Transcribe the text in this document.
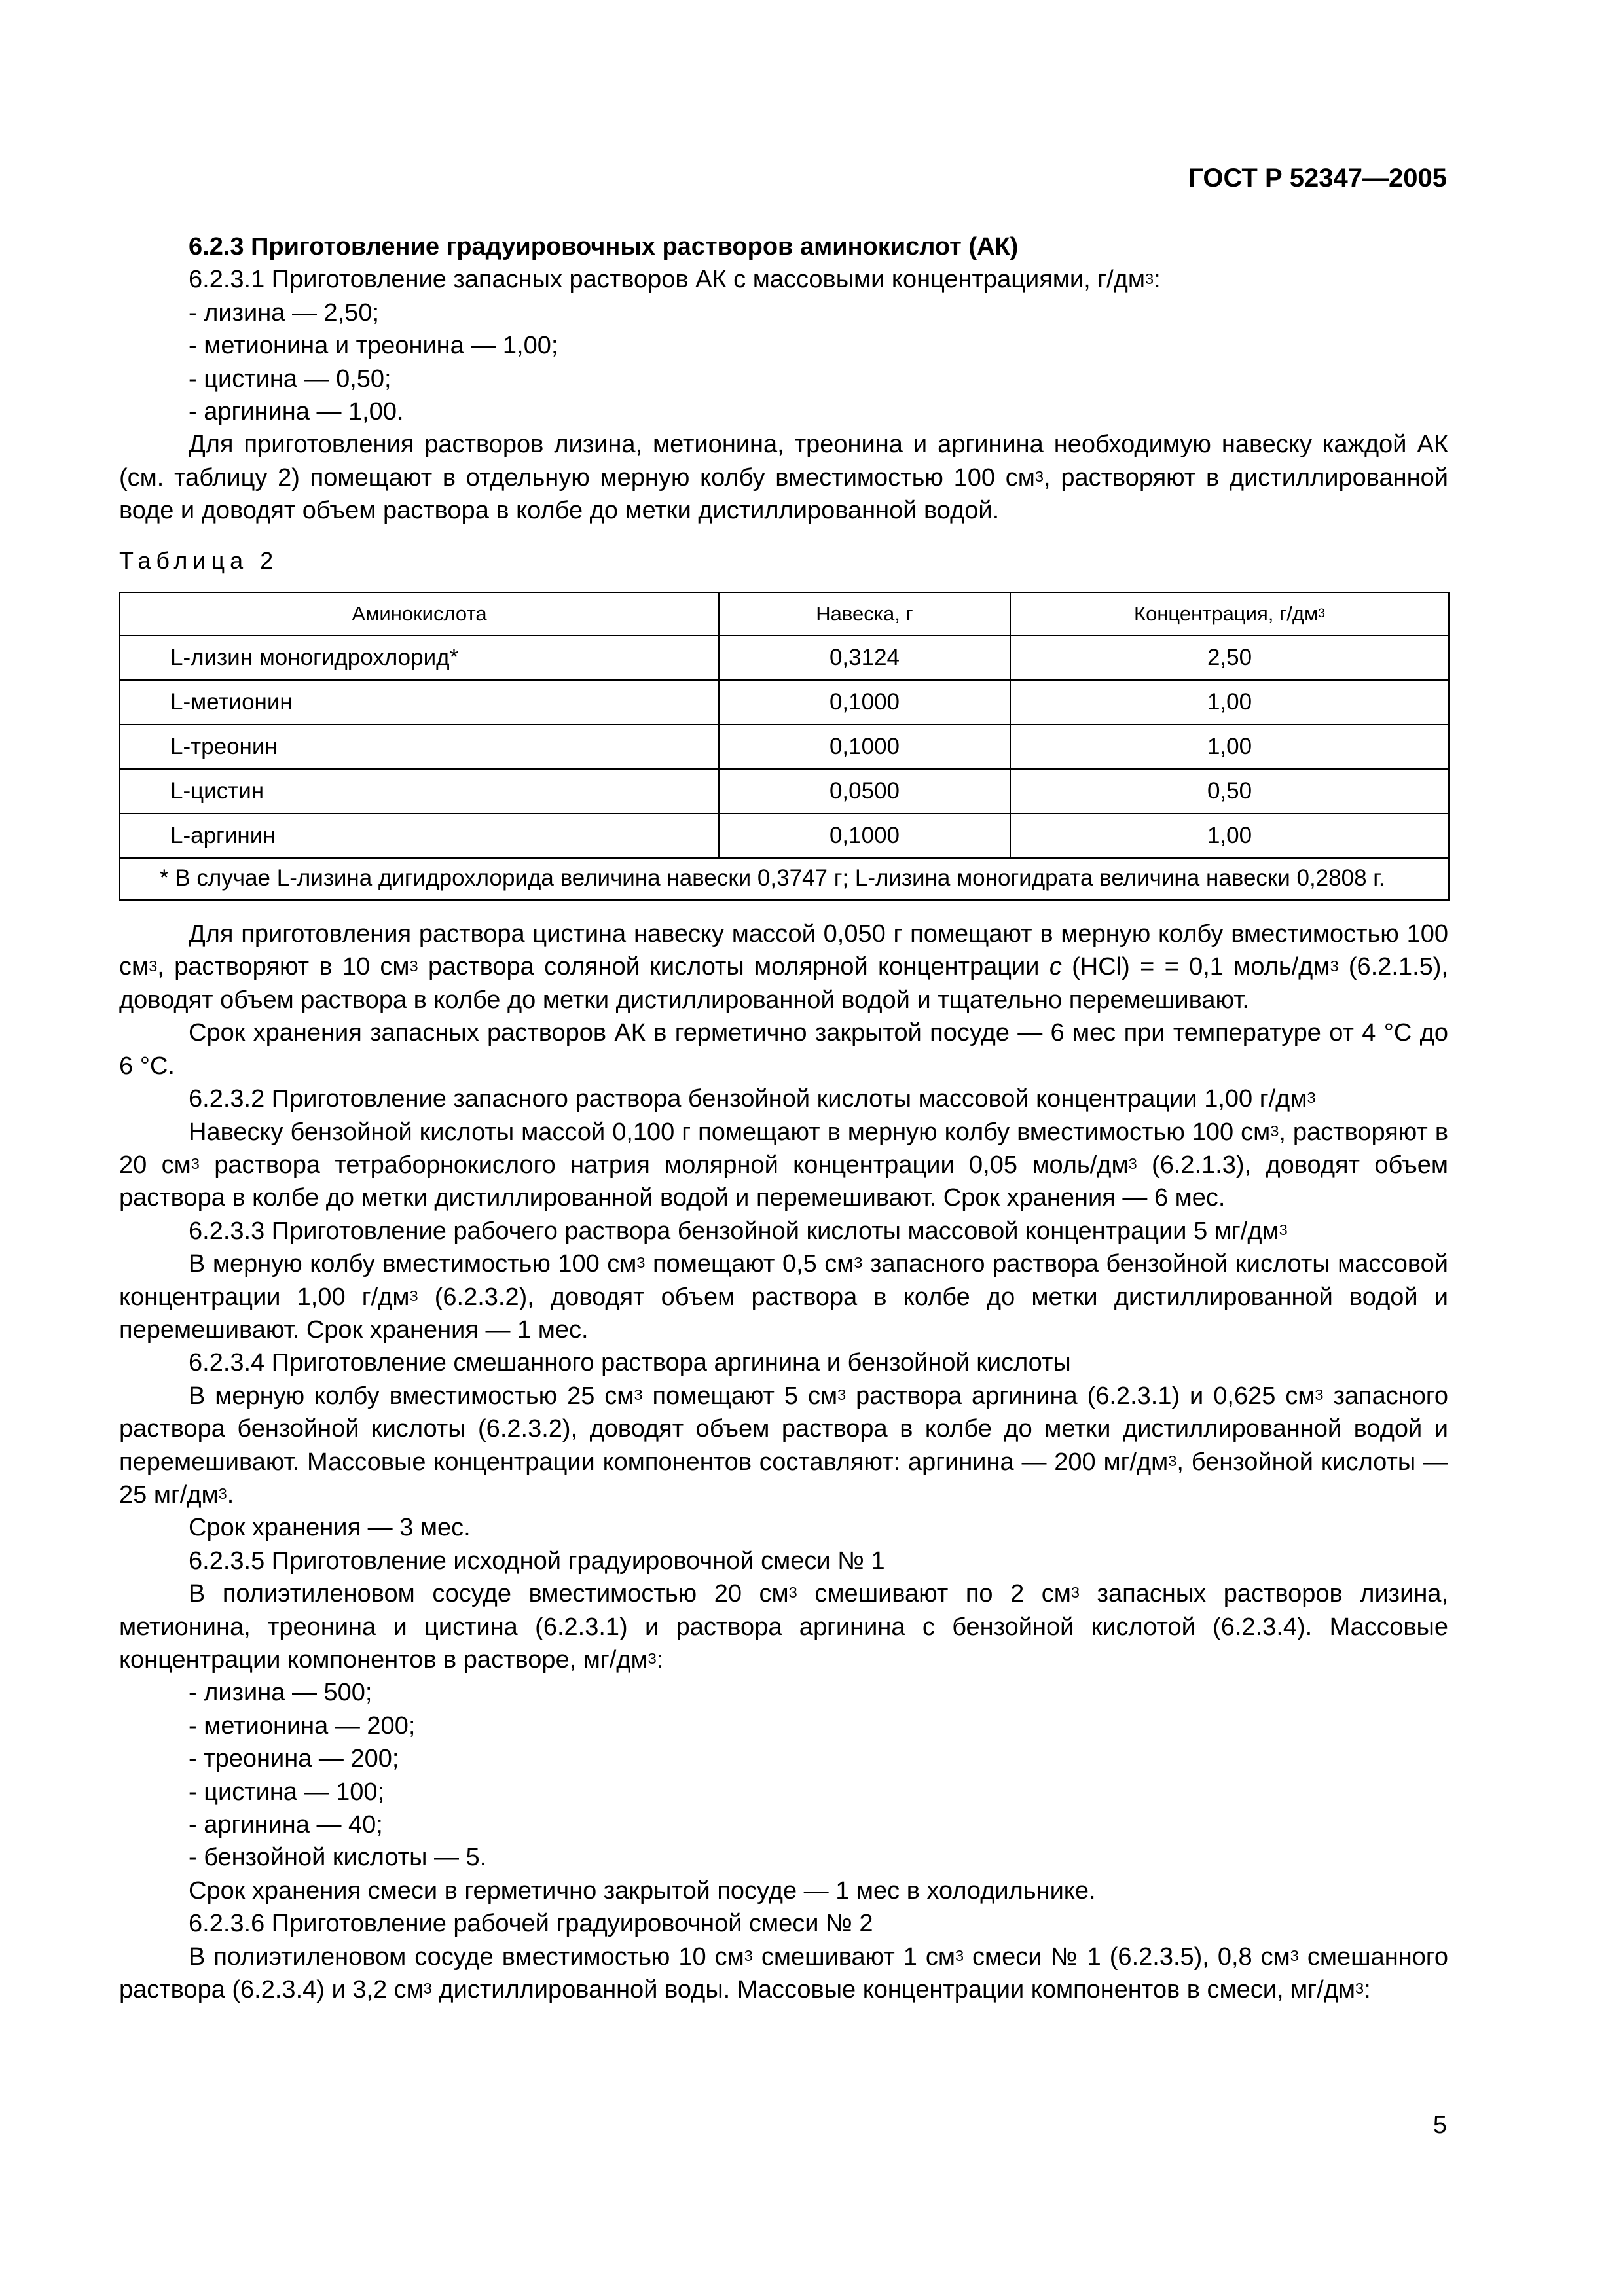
ГОСТ Р 52347—2005

6.2.3 Приготовление градуировочных растворов аминокислот (АК)

6.2.3.1 Приготовление запасных растворов АК с массовыми концентрациями, $г/дм^3$:

- лизина — 2,50;
- метионина и треонина — 1,00;
- цистина — 0,50;
- аргинина — 1,00.

Для приготовления растворов лизина, метионина, треонина и аргинина необходимую навеску каждой АК (см. таблицу 2) помещают в отдельную мерную колбу вместимостью 100 $см^3$, растворяют в дистиллированной воде и доводят объем раствора в колбе до метки дистиллированной водой.

Таблица 2

Аминокислота	Навеска, г	Концентрация, $г/дм^3$
L-лизин моногидрохлорид*	0,3124	2,50
L-метионин	0,1000	1,00
L-треонин	0,1000	1,00
L-цистин	0,0500	0,50
L-аргинин	0,1000	1,00

* В случае L-лизина дигидрохлорида величина навески 0,3747 г; L-лизина моногидрата величина навески 0,2808 г.		

Для приготовления раствора цистина навеску массой 0,050 г помещают в мерную колбу вместимостью 100 $см^3$, растворяют в 10 $см^3$ раствора соляной кислоты молярной концентрации c (HCl) = = 0,1 моль/$дм^3$ (6.2.1.5), доводят объем раствора в колбе до метки дистиллированной водой и тщательно перемешивают.

Срок хранения запасных растворов АК в герметично закрытой посуде — 6 мес при температуре от 4 °С до 6 °С.

6.2.3.2 Приготовление запасного раствора бензойной кислоты массовой концентрации 1,00 $г/дм^3$

Навеску бензойной кислоты массой 0,100 г помещают в мерную колбу вместимостью 100 $см^3$, растворяют в 20 $см^3$ раствора тетраборнокислого натрия молярной концентрации 0,05 моль/$дм^3$ (6.2.1.3), доводят объем раствора в колбе до метки дистиллированной водой и перемешивают. Срок хранения — 6 мес.

6.2.3.3 Приготовление рабочего раствора бензойной кислоты массовой концентрации 5 $мг/дм^3$

В мерную колбу вместимостью 100 $см^3$ помещают 0,5 $см^3$ запасного раствора бензойной кислоты массовой концентрации 1,00 $г/дм^3$ (6.2.3.2), доводят объем раствора в колбе до метки дистиллированной водой и перемешивают. Срок хранения — 1 мес.

6.2.3.4 Приготовление смешанного раствора аргинина и бензойной кислоты

В мерную колбу вместимостью 25 $см^3$ помещают 5 $см^3$ раствора аргинина (6.2.3.1) и 0,625 $см^3$ запасного раствора бензойной кислоты (6.2.3.2), доводят объем раствора в колбе до метки дистиллированной водой и перемешивают. Массовые концентрации компонентов составляют: аргинина — 200 $мг/дм^3$, бензойной кислоты — 25 $мг/дм^3$.

Срок хранения — 3 мес.

6.2.3.5 Приготовление исходной градуировочной смеси № 1

В полиэтиленовом сосуде вместимостью 20 $см^3$ смешивают по 2 $см^3$ запасных растворов лизина, метионина, треонина и цистина (6.2.3.1) и раствора аргинина с бензойной кислотой (6.2.3.4). Массовые концентрации компонентов в растворе, $мг/дм^3$:

- лизина — 500;
- метионина — 200;
- треонина — 200;
- цистина — 100;
- аргинина — 40;
- бензойной кислоты — 5.

Срок хранения смеси в герметично закрытой посуде — 1 мес в холодильнике.

6.2.3.6 Приготовление рабочей градуировочной смеси № 2

В полиэтиленовом сосуде вместимостью 10 $см^3$ смешивают 1 $см^3$ смеси № 1 (6.2.3.5), 0,8 $см^3$ смешанного раствора (6.2.3.4) и 3,2 $см^3$ дистиллированной воды. Массовые концентрации компонентов в смеси, $мг/дм^3$:

5
